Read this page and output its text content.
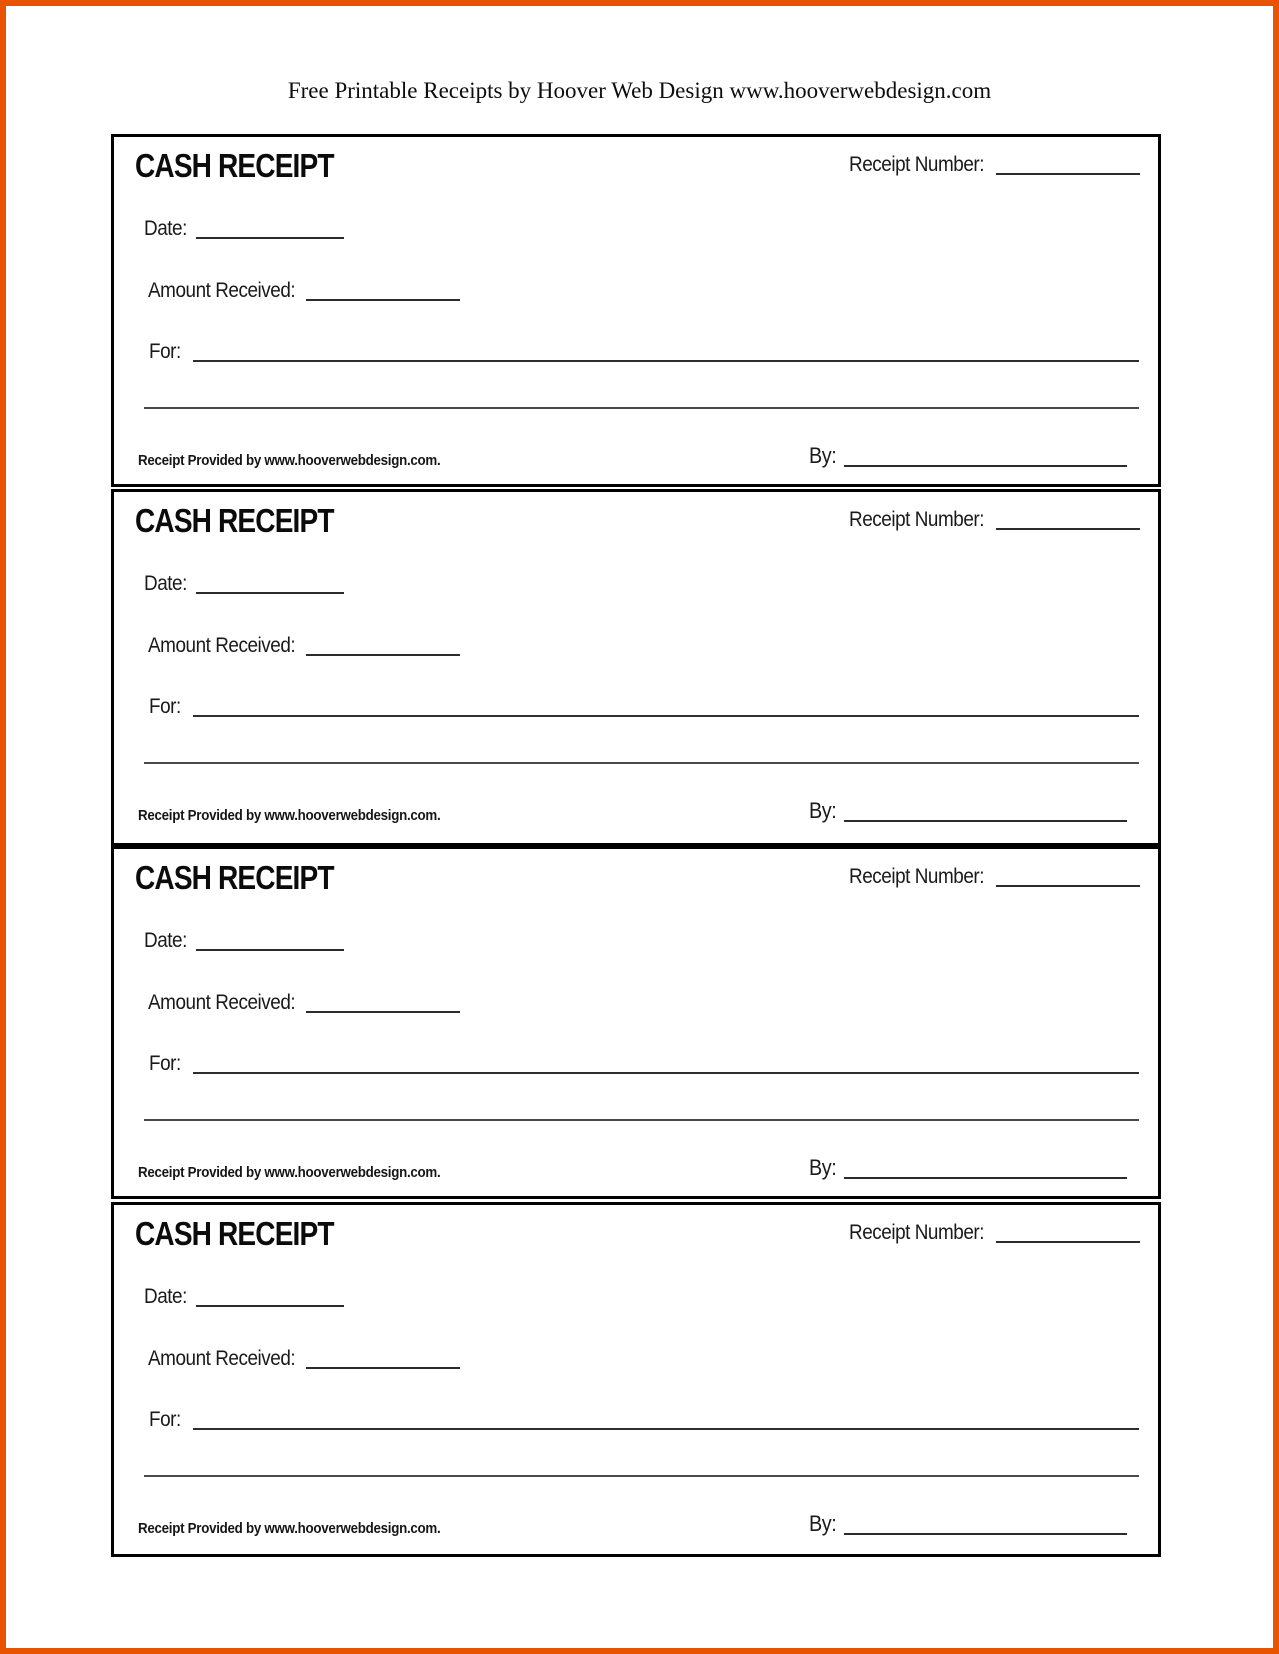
Free Printable Receipts by Hoover Web Design www.hooverwebdesign.com
CASH RECEIPT	Receipt Number:
Date:
Amount Received:
For:
Receipt Provided by www.hooverwebdesign.com.	By:
CASH RECEIPT	Receipt Number:
Date:
Amount Received:
For:
Receipt Provided by www.hooverwebdesign.com.	By:
CASH RECEIPT	Receipt Number:
Date:
Amount Received:
For:
Receipt Provided by www.hooverwebdesign.com.	By:
CASH RECEIPT	Receipt Number:
Date:
Amount Received:
For:
Receipt Provided by www.hooverwebdesign.com.	By:
